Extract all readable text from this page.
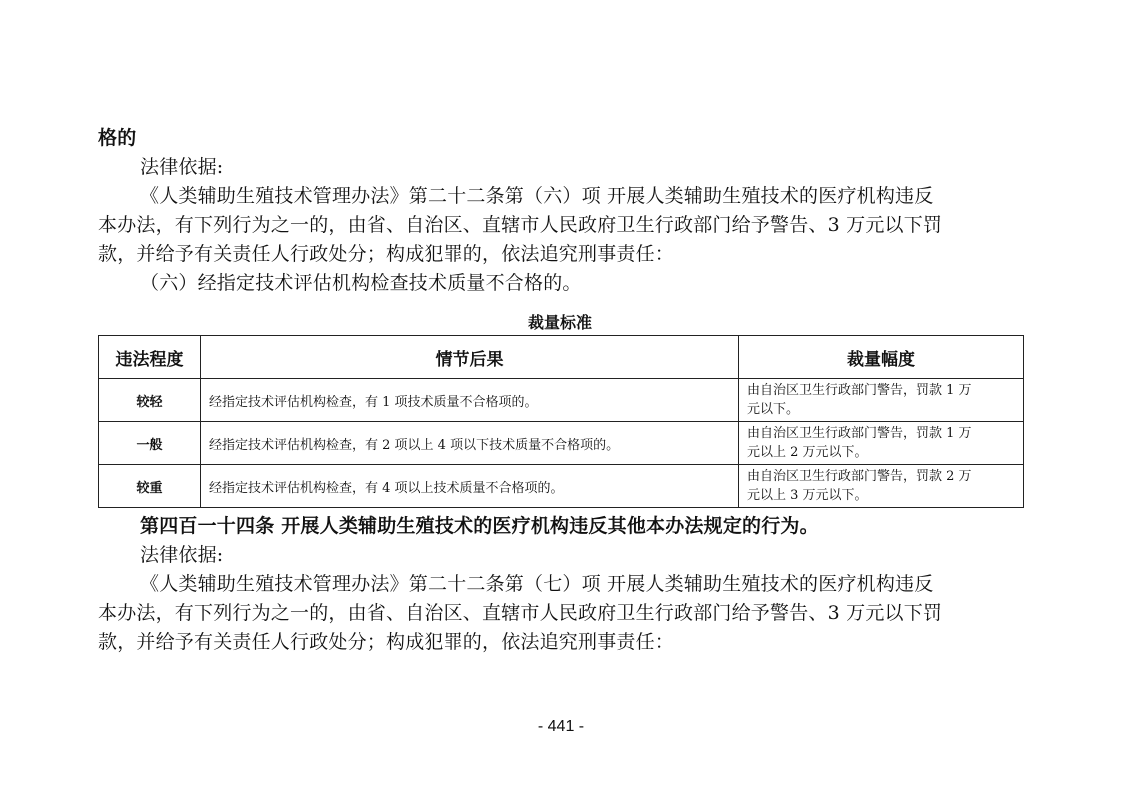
格的
法律依据:
《人类辅助生殖技术管理办法》第二十二条第（六）项 开展人类辅助生殖技术的医疗机构违反
本办法，有下列行为之一的，由省、自治区、直辖市人民政府卫生行政部门给予警告、3 万元以下罚
款，并给予有关责任人行政处分；构成犯罪的，依法追究刑事责任：
（六）经指定技术评估机构检查技术质量不合格的。
裁量标准
违法程度	情节后果	裁量幅度
较轻	经指定技术评估机构检查，有 1 项技术质量不合格项的。	由自治区卫生行政部门警告，罚款 1 万
元以下。

一般	经指定技术评估机构检查，有 2 项以上 4 项以下技术质量不合格项的。	由自治区卫生行政部门警告，罚款 1 万
元以上 2 万元以下。

较重	经指定技术评估机构检查，有 4 项以上技术质量不合格项的。	由自治区卫生行政部门警告，罚款 2 万
元以上 3 万元以下。
第四百一十四条 开展人类辅助生殖技术的医疗机构违反其他本办法规定的行为。
法律依据:
《人类辅助生殖技术管理办法》第二十二条第（七）项 开展人类辅助生殖技术的医疗机构违反
本办法，有下列行为之一的，由省、自治区、直辖市人民政府卫生行政部门给予警告、3 万元以下罚
款，并给予有关责任人行政处分；构成犯罪的，依法追究刑事责任：
- 441 -
